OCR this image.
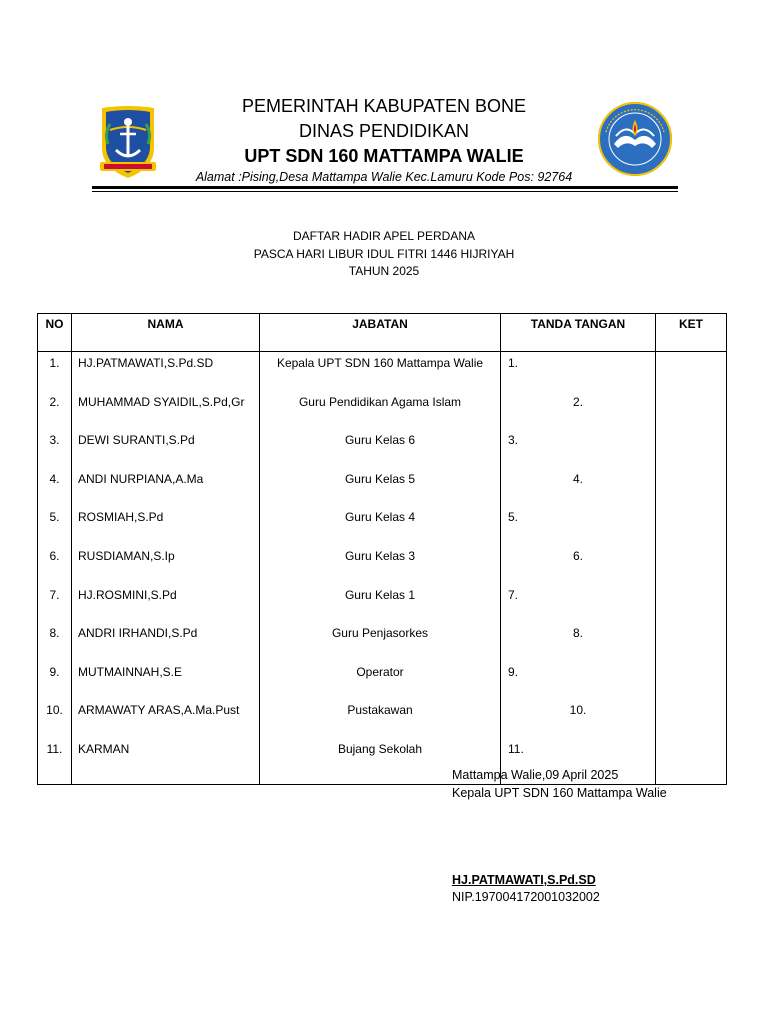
PEMERINTAH KABUPATEN BONE
DINAS PENDIDIKAN
UPT SDN 160 MATTAMPA WALIE
Alamat :Pising,Desa Mattampa Walie Kec.Lamuru Kode Pos: 92764
DAFTAR HADIR APEL PERDANA
PASCA HARI LIBUR IDUL FITRI 1446 HIJRIYAH
TAHUN 2025
NO	NAMA	JABATAN	TANDA TANGAN	KET
1.	HJ.PATMAWATI,S.Pd.SD	Kepala UPT SDN 160 Mattampa Walie	1.	

2.	MUHAMMAD SYAIDIL,S.Pd,Gr	Guru Pendidikan Agama Islam	2.	

3.	DEWI SURANTI,S.Pd	Guru Kelas 6	3.	

4.	ANDI NURPIANA,A.Ma	Guru Kelas 5	4.	

5.	ROSMIAH,S.Pd	Guru Kelas 4	5.	

6.	RUSDIAMAN,S.Ip	Guru Kelas 3	6.	

7.	HJ.ROSMINI,S.Pd	Guru Kelas 1	7.	

8.	ANDRI IRHANDI,S.Pd	Guru Penjasorkes	8.	

9.	MUTMAINNAH,S.E	Operator	9.	

10.	ARMAWATY ARAS,A.Ma.Pust	Pustakawan	10.	

11.	KARMAN	Bujang Sekolah	11.	

Mattampa Walie,09 April 2025
Kepala UPT SDN 160 Mattampa Walie
HJ.PATMAWATI,S.Pd.SD
NIP.197004172001032002
